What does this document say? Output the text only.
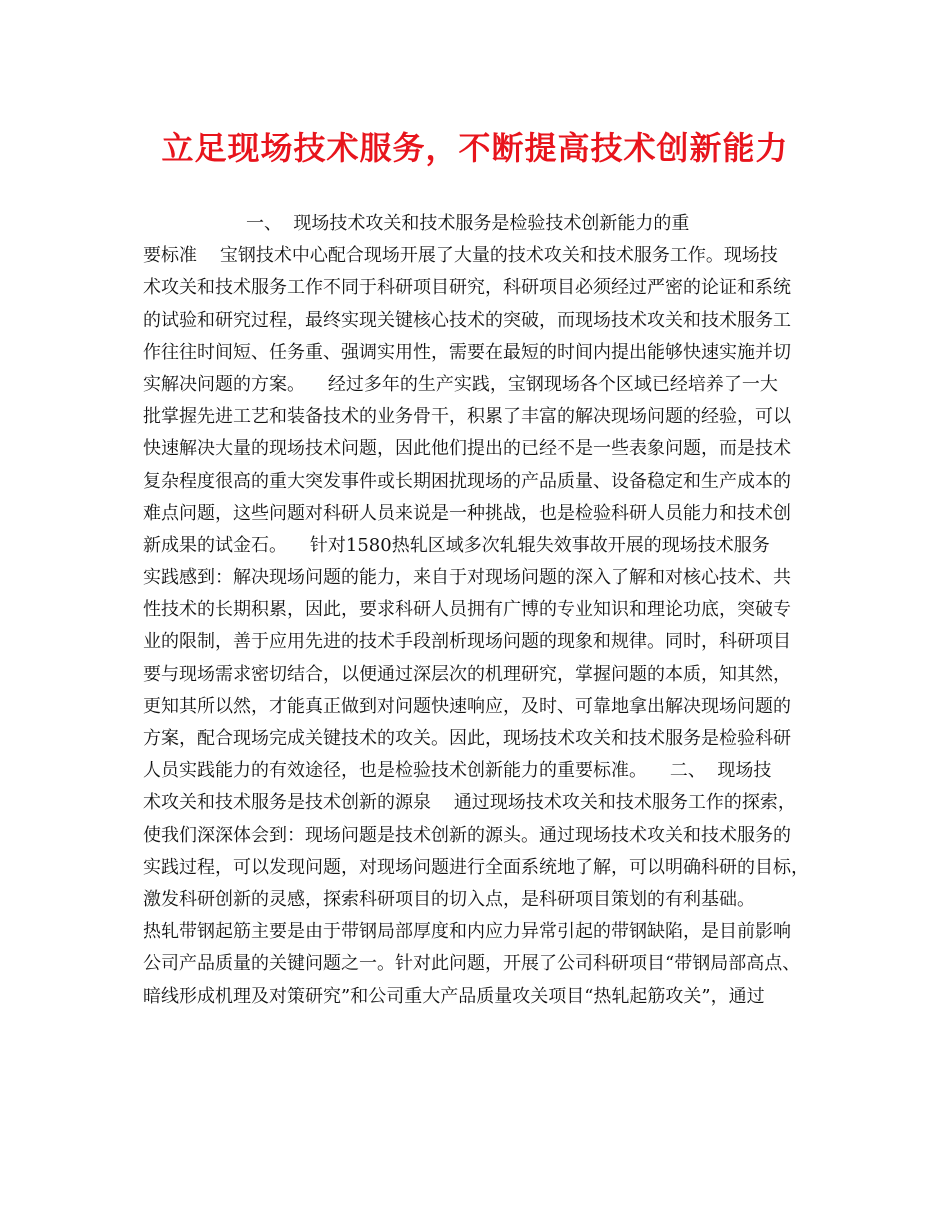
立足现场技术服务，不断提高技术创新能力
一、  现场技术攻关和技术服务是检验技术创新能力的重
要标准    宝钢技术中心配合现场开展了大量的技术攻关和技术服务工作。现场技
术攻关和技术服务工作不同于科研项目研究，科研项目必须经过严密的论证和系统
的试验和研究过程，最终实现关键核心技术的突破，而现场技术攻关和技术服务工
作往往时间短、任务重、强调实用性，需要在最短的时间内提出能够快速实施并切
实解决问题的方案。    经过多年的生产实践，宝钢现场各个区域已经培养了一大
批掌握先进工艺和装备技术的业务骨干，积累了丰富的解决现场问题的经验，可以
快速解决大量的现场技术问题，因此他们提出的已经不是一些表象问题，而是技术
复杂程度很高的重大突发事件或长期困扰现场的产品质量、设备稳定和生产成本的
难点问题，这些问题对科研人员来说是一种挑战，也是检验科研人员能力和技术创
新成果的试金石。    针对1580热轧区域多次轧辊失效事故开展的现场技术服务
实践感到：解决现场问题的能力，来自于对现场问题的深入了解和对核心技术、共
性技术的长期积累，因此，要求科研人员拥有广博的专业知识和理论功底，突破专
业的限制，善于应用先进的技术手段剖析现场问题的现象和规律。同时，科研项目
要与现场需求密切结合，以便通过深层次的机理研究，掌握问题的本质，知其然，
更知其所以然，才能真正做到对问题快速响应，及时、可靠地拿出解决现场问题的
方案，配合现场完成关键技术的攻关。因此，现场技术攻关和技术服务是检验科研
人员实践能力的有效途径，也是检验技术创新能力的重要标准。    二、  现场技
术攻关和技术服务是技术创新的源泉    通过现场技术攻关和技术服务工作的探索，
使我们深深体会到：现场问题是技术创新的源头。通过现场技术攻关和技术服务的
实践过程，可以发现问题，对现场问题进行全面系统地了解，可以明确科研的目标，
激发科研创新的灵感，探索科研项目的切入点，是科研项目策划的有利基础。
热轧带钢起筋主要是由于带钢局部厚度和内应力异常引起的带钢缺陷，是目前影响
公司产品质量的关键问题之一。针对此问题，开展了公司科研项目“带钢局部高点、
暗线形成机理及对策研究”和公司重大产品质量攻关项目“热轧起筋攻关”，通过
